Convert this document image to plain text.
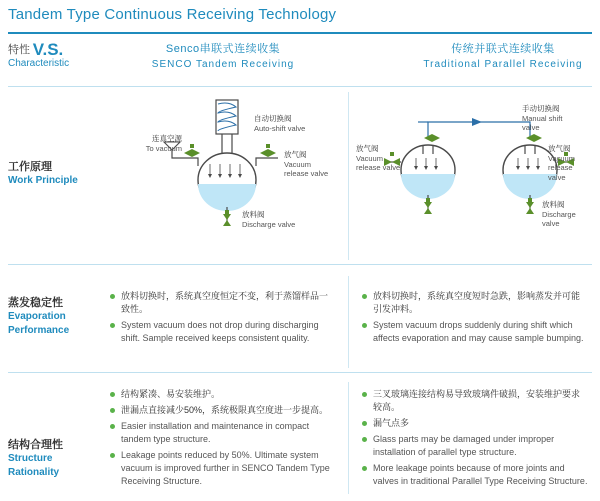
Tandem Type Continuous Receiving Technology
特性
Characteristic
Senco串联式连续收集
SENCO Tandem Receiving
V.S.	传统并联式连续收集
Traditional Parallel Receiving
工作原理
Work Principle
连真空源
To vacuum
自动切换阀
Auto-shift valve
放气阀
Vacuum
release valve
放料阀
Discharge valve
手动切换阀
Manual shift
valve
放气阀
Vacuum
release valve
放气阀
Vacuum
release valve
放料阀
Discharge valve
蒸发稳定性
Evaporation
Performance
放料切换时，系统真空度恒定不变，利于蒸馏样品一致性。
System vacuum does not drop during discharging shift. Sample received keeps consistent quality.
放料切换时，系统真空度短时急跌，影响蒸发并可能引发冲料。
System vacuum drops suddenly during shift which affects evaporation and may cause sample bumping.
结构合理性
Structure
Rationality
结构紧凑、易安装维护。
泄漏点直接减少50%，系统极限真空度进一步提高。
Easier installation and maintenance in compact tandem type structure.
Leakage points reduced by 50%. Ultimate system vacuum is improved further in SENCO Tandem Type Receiving Structure.
三叉玻璃连接结构易导致玻璃件破损，安装维护要求较高。
漏气点多
Glass parts may be damaged under improper installation of parallel type structure.
More leakage points because of more joints and valves in traditional Parallel Type Receiving Structure.
